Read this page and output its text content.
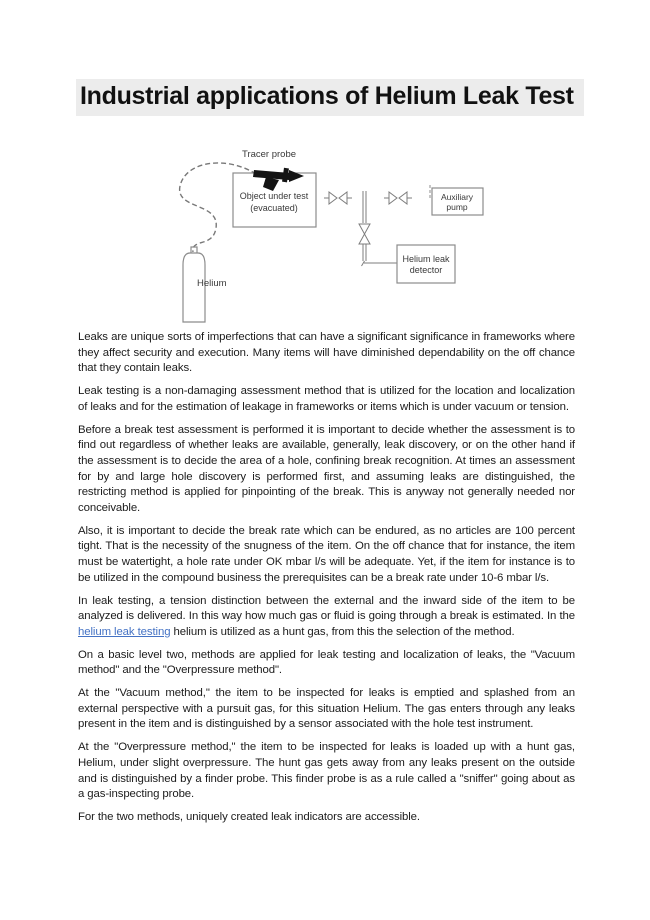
Industrial applications of Helium Leak Test
Helium
Object under test
(evacuated)
Tracer probe
Auxiliary
pump
Helium leak
detector

Leaks are unique sorts of imperfections that can have a significant significance in frameworks where they affect security and execution. Many items will have diminished dependability on the off chance that they contain leaks.

Leak testing is a non-damaging assessment method that is utilized for the location and localization of leaks and for the estimation of leakage in frameworks or items which is under vacuum or tension.

Before a break test assessment is performed it is important to decide whether the assessment is to find out regardless of whether leaks are available, generally, leak discovery, or on the other hand if the assessment is to decide the area of a hole, confining break recognition. At times an assessment for by and large hole discovery is performed first, and assuming leaks are distinguished, the restricting method is applied for pinpointing of the break. This is anyway not generally needed nor conceivable.

Also, it is important to decide the break rate which can be endured, as no articles are 100 percent tight. That is the necessity of the snugness of the item. On the off chance that for instance, the item must be watertight, a hole rate under OK mbar l/s will be adequate. Yet, if the item for instance is to be utilized in the compound business the prerequisites can be a break rate under 10-6 mbar l/s.

In leak testing, a tension distinction between the external and the inward side of the item to be analyzed is delivered. In this way how much gas or fluid is going through a break is estimated. In the helium leak testing helium is utilized as a hunt gas, from this the selection of the method.

On a basic level two, methods are applied for leak testing and localization of leaks, the "Vacuum method" and the "Overpressure method".

At the "Vacuum method," the item to be inspected for leaks is emptied and splashed from an external perspective with a pursuit gas, for this situation Helium. The gas enters through any leaks present in the item and is distinguished by a sensor associated with the hole test instrument.

At the "Overpressure method," the item to be inspected for leaks is loaded up with a hunt gas, Helium, under slight overpressure. The hunt gas gets away from any leaks present on the outside and is distinguished by a finder probe. This finder probe is as a rule called a "sniffer" going about as a gas-inspecting probe.

For the two methods, uniquely created leak indicators are accessible.
